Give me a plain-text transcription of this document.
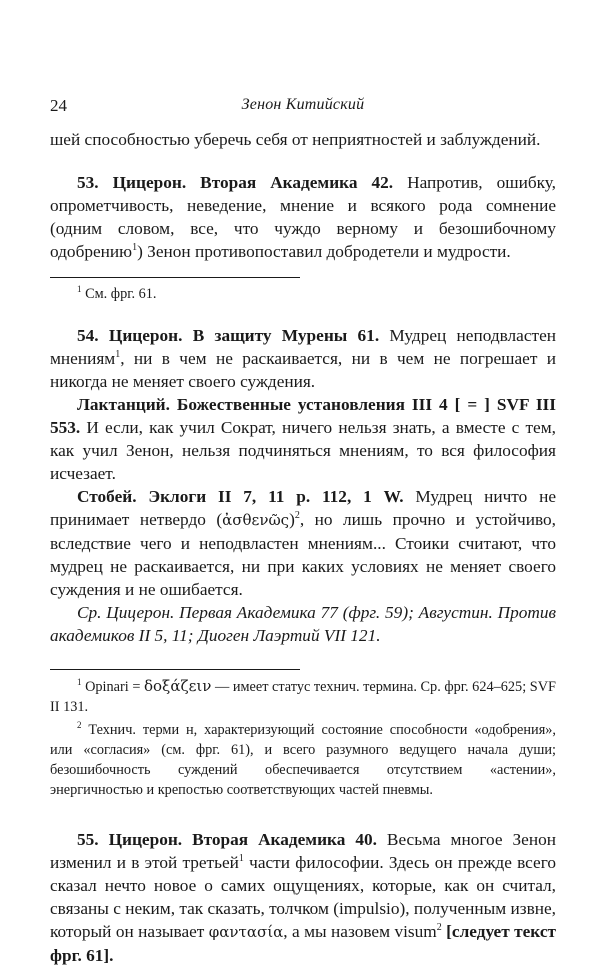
24	Зенон Китийский

шей способностью уберечь себя от неприятностей и заблуждений.

53. Цицерон. Вторая Академика 42. Напротив, ошибку, опрометчивость, неведение, мнение и всякого рода сомнение (одним словом, все, что чуждо верному и безошибочному одобрению$^1$) Зенон противопоставил добродетели и мудрости.

$^1$ См. фрг. 61.

54. Цицерон. В защиту Мурены 61. Мудрец неподвластен мнениям$^1$, ни в чем не раскаивается, ни в чем не погрешает и никогда не меняет своего суждения.

Лактанций. Божественные установления III 4 [ = ] SVF III 553. И если, как учил Сократ, ничего нельзя знать, а вместе с тем, как учил Зенон, нельзя подчиняться мнениям, то вся философия исчезает.

Стобей. Эклоги II 7, 11 р. 112, 1 W. Мудрец ничто не принимает нетвердо (ἀσθενῶς)$^2$, но лишь прочно и устойчиво, вследствие чего и неподвластен мнениям... Стоики считают, что мудрец не раскаивается, ни при каких условиях не меняет своего суждения и не ошибается.

Ср. Цицерон. Первая Академика 77 (фрг. 59); Августин. Против академиков II 5, 11; Диоген Лаэртий VII 121.

$^1$ Opinari = δοξάζειν — имеет статус технич. термина. Ср. фрг. 624–625; SVF II 131.

$^2$ Технич. терми н, характеризующий состояние способности «одобрения», или «согласия» (см. фрг. 61), и всего разумного ведущего начала души; безошибочность суждений обеспечивается отсутствием «астении», энергичностью и крепостью соответствующих частей пневмы.

55. Цицерон. Вторая Академика 40. Весьма многое Зенон изменил и в этой третьей$^1$ части философии. Здесь он прежде всего сказал нечто новое о самих ощущениях, которые, как он считал, связаны с неким, так сказать, толчком (impulsio), полученным извне, который он называет φαντασία, а мы назовем visum$^2$ [следует текст фрг. 61].
